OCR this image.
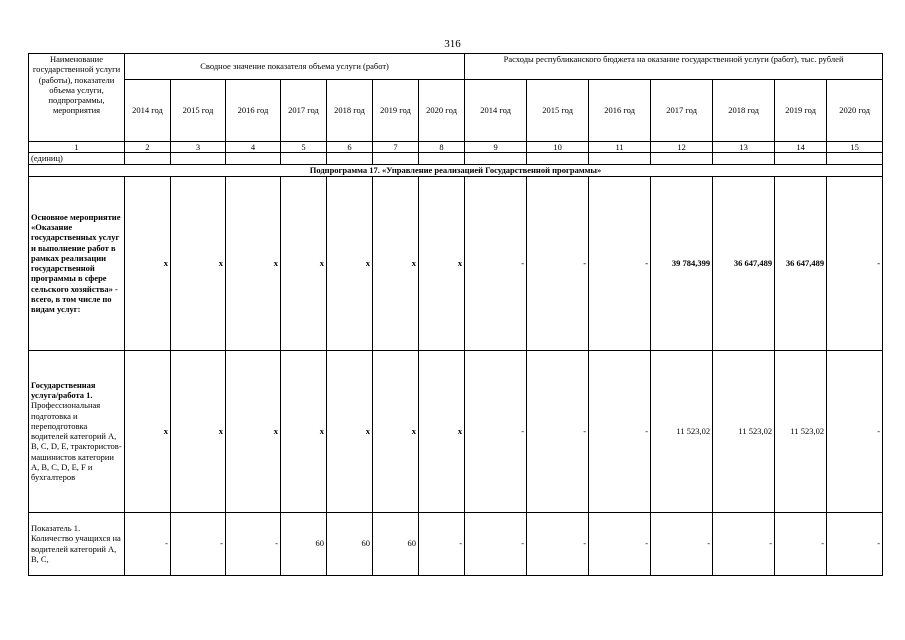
316
Наименование государственной услуги (работы), показатели объема услуги, подпрограммы, мероприятия	Сводное значение показателя объема услуги (работ)							Расходы республиканского бюджета на оказание государственной услуги (работ), тыс. рублей						
	2014 год	2015 год	2016 год	2017 год	2018 год	2019 год	2020 год	2014 год	2015 год	2016 год	2017 год	2018 год	2019 год	2020 год
1	2	3	4	5	6	7	8	9	10	11	12	13	14	15
(единиц)														
Подпрограмма 17. «Управление реализацией Государственной программы»														
Основное мероприятие «Оказание государственных услуг и выполнение работ в рамках реализации государственной программы в сфере сельского хозяйства» - всего, в том числе по видам услуг:	x	x	x	x	x	x	x	-	-	-	39 784,399	36 647,489	36 647,489	-
Государственная услуга/работа 1. Профессиональная подготовка и переподготовка водителей категорий А, В, С, D, Е, трактористов-машинистов категории А, В, С, D, Е, F и бухгалтеров	x	x	x	x	x	x	x	-	-	-	11 523,02	11 523,02	11 523,02	-
Показатель 1. Количество учащихся на водителей категорий А, В, С,	-	-	-	60	60	60	-	-	-	-	-	-	-	-
